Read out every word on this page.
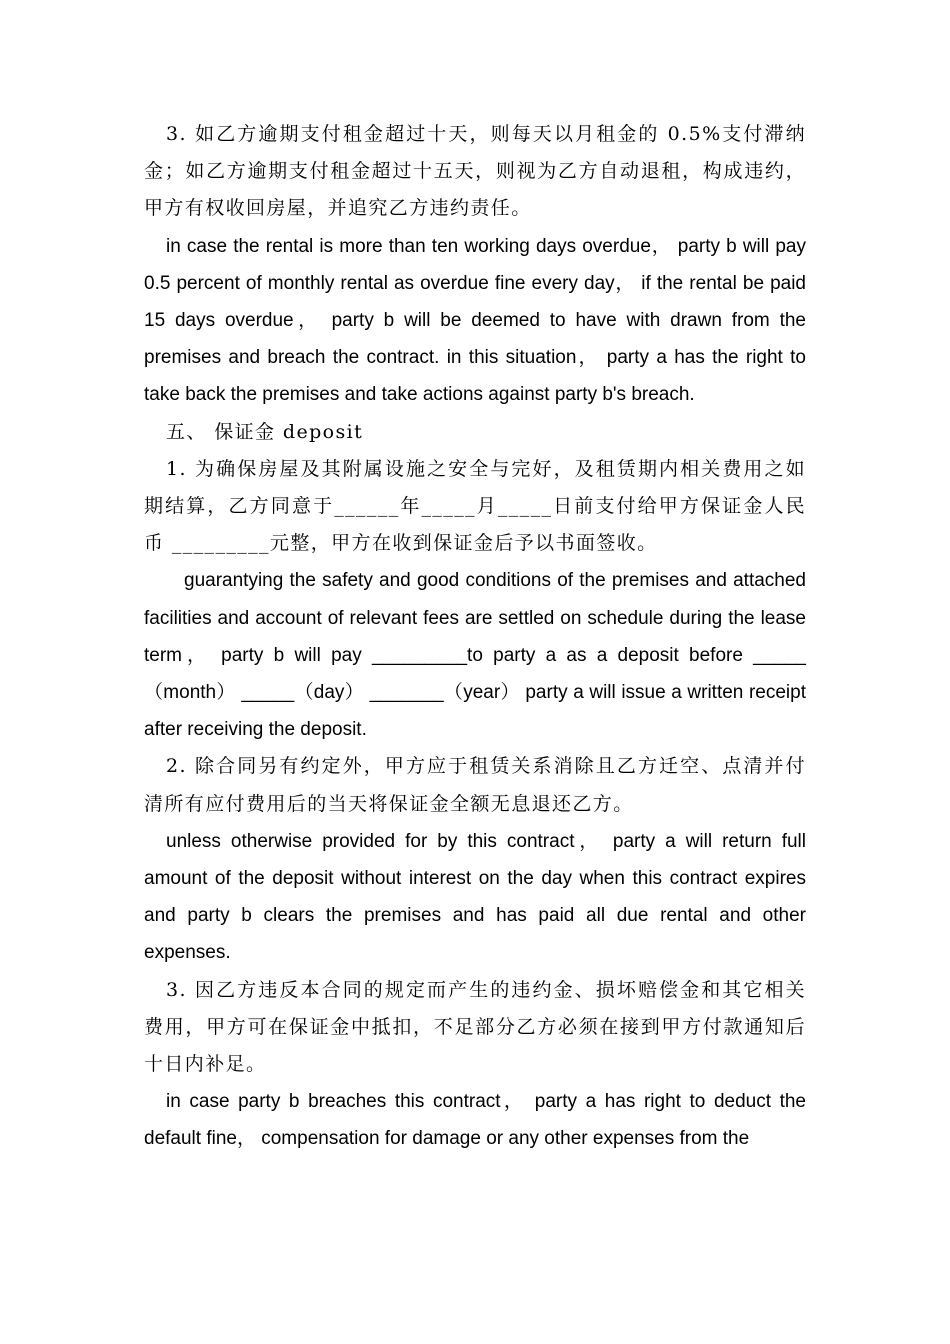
3. 如乙方逾期支付租金超过十天，则每天以月租金的 0.5%支付滞纳金；如乙方逾期支付租金超过十五天，则视为乙方自动退租，构成违约，甲方有权收回房屋，并追究乙方违约责任。

in case the rental is more than ten working days overdue， party b will pay 0.5 percent of monthly rental as overdue fine every day， if the rental be paid 15 days overdue， party b will be deemed to have with drawn from the premises and breach the contract. in this situation， party a has the right to take back the premises and take actions against party b's breach.

五、 保证金 deposit

1. 为确保房屋及其附属设施之安全与完好，及租赁期内相关费用之如期结算，乙方同意于______年_____月_____日前支付给甲方保证金人民币 _________元整，甲方在收到保证金后予以书面签收。

guarantying the safety and good conditions of the premises and attached facilities and account of relevant fees are settled on schedule during the lease term， party b will pay _________to party a as a deposit before _____（month） _____（day） _______（year） party a will issue a written receipt after receiving the deposit.

2. 除合同另有约定外，甲方应于租赁关系消除且乙方迁空、点清并付清所有应付费用后的当天将保证金全额无息退还乙方。

unless otherwise provided for by this contract， party a will return full amount of the deposit without interest on the day when this contract expires and party b clears the premises and has paid all due rental and other expenses.

3. 因乙方违反本合同的规定而产生的违约金、损坏赔偿金和其它相关费用，甲方可在保证金中抵扣，不足部分乙方必须在接到甲方付款通知后十日内补足。

in case party b breaches this contract， party a has right to deduct the default fine， compensation for damage or any other expenses from the
